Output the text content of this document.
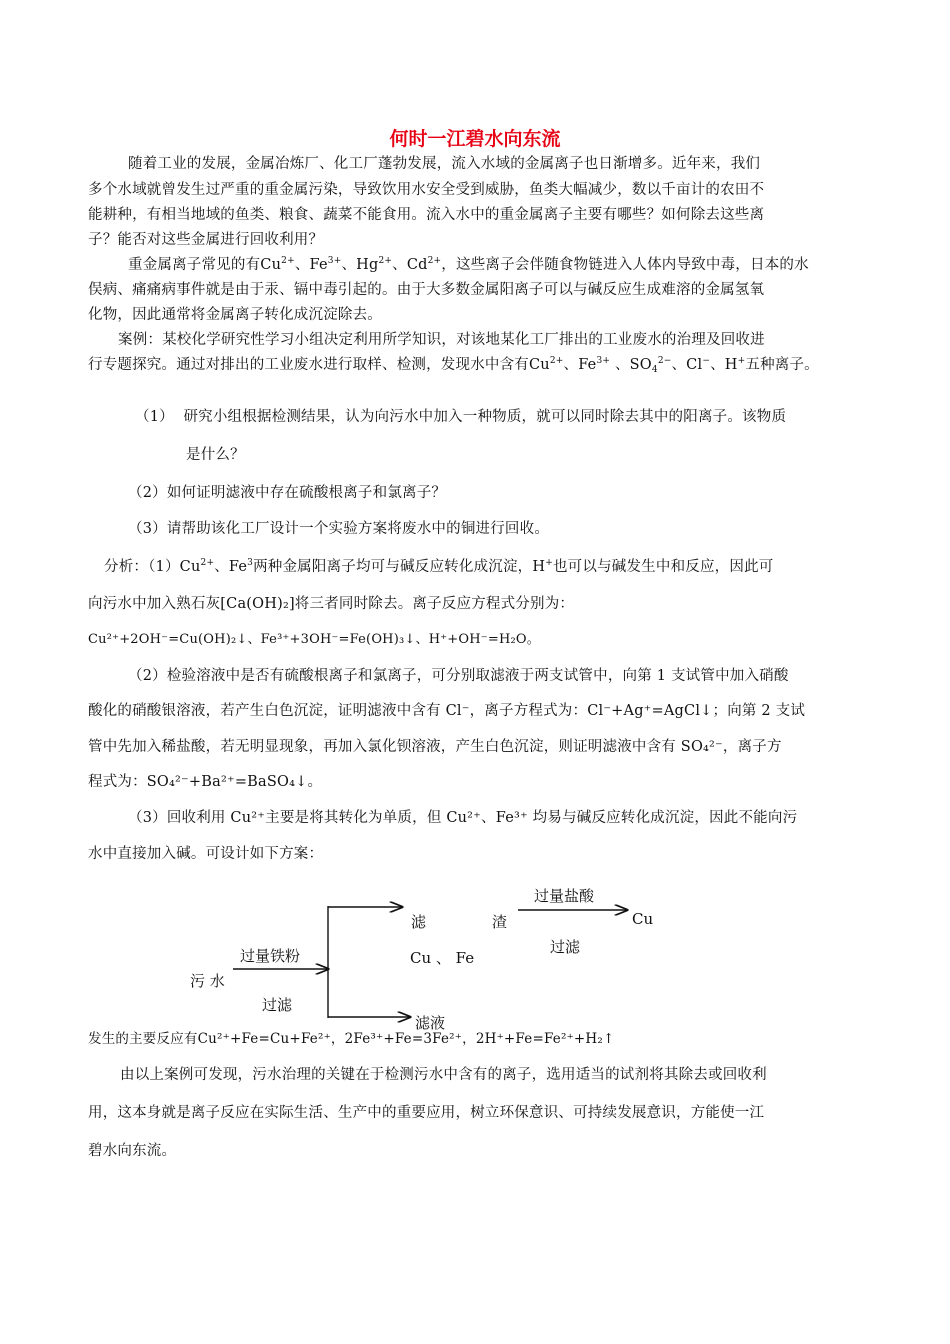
何时一江碧水向东流
随着工业的发展，金属冶炼厂、化工厂蓬勃发展，流入水域的金属离子也日渐增多。近年来，我们
多个水域就曾发生过严重的重金属污染，导致饮用水安全受到威胁，鱼类大幅减少，数以千亩计的农田不
能耕种，有相当地域的鱼类、粮食、蔬菜不能食用。流入水中的重金属离子主要有哪些？如何除去这些离
子？能否对这些金属进行回收利用？
重金属离子常见的有$Cu^{2+}$、$Fe^{3+}$、$Hg^{2+}$、$Cd^{2+}$，这些离子会伴随食物链进入人体内导致中毒，日本的水
俣病、痛痛病事件就是由于汞、镉中毒引起的。由于大多数金属阳离子可以与碱反应生成难溶的金属氢氧
化物，因此通常将金属离子转化成沉淀除去。
案例：某校化学研究性学习小组决定利用所学知识，对该地某化工厂排出的工业废水的治理及回收进
行专题探究。通过对排出的工业废水进行取样、检测，发现水中含有$Cu^{2+}$、$Fe^{3+}$ 、$SO_4^{2-}$、Cl−、H+五种离子。
（1） 研究小组根据检测结果，认为向污水中加入一种物质，就可以同时除去其中的阳离子。该物质
是什么？
（2）如何证明滤液中存在硫酸根离子和氯离子？
（3）请帮助该化工厂设计一个实验方案将废水中的铜进行回收。
分析：$(1)Cu^{2+}$、Fe$^3$两种金属阳离子均可与碱反应转化成沉淀，H+也可以与碱发生中和反应，因此可
向污水中加入熟石灰[Ca(OH)₂]将三者同时除去。离子反应方程式分别为：
Cu²⁺+2OH⁻=Cu(OH)₂↓、Fe³⁺+3OH⁻=Fe(OH)₃↓、H⁺+OH⁻=H₂O。
（2）检验溶液中是否有硫酸根离子和氯离子，可分别取滤液于两支试管中，向第 1 支试管中加入硝酸
酸化的硝酸银溶液，若产生白色沉淀，证明滤液中含有 Cl⁻，离子方程式为：Cl⁻+Ag⁺=AgCl↓；向第 2 支试
管中先加入稀盐酸，若无明显现象，再加入氯化钡溶液，产生白色沉淀，则证明滤液中含有 SO₄²⁻，离子方
程式为：SO₄²⁻+Ba²⁺=BaSO₄↓。
（3）回收利用 Cu²⁺主要是将其转化为单质，但 Cu²⁺、Fe³⁺ 均易与碱反应转化成沉淀，因此不能向污
水中直接加入碱。可设计如下方案：
污 水
过量铁粉
过滤
滤	渣
Cu 、 Fe
过量盐酸
过滤
Cu
滤液
发生的主要反应有Cu²⁺+Fe=Cu+Fe²⁺，2Fe³⁺+Fe=3Fe²⁺，2H⁺+Fe=Fe²⁺+H₂↑
由以上案例可发现，污水治理的关键在于检测污水中含有的离子，选用适当的试剂将其除去或回收利
用，这本身就是离子反应在实际生活、生产中的重要应用，树立环保意识、可持续发展意识，方能使一江
碧水向东流。
